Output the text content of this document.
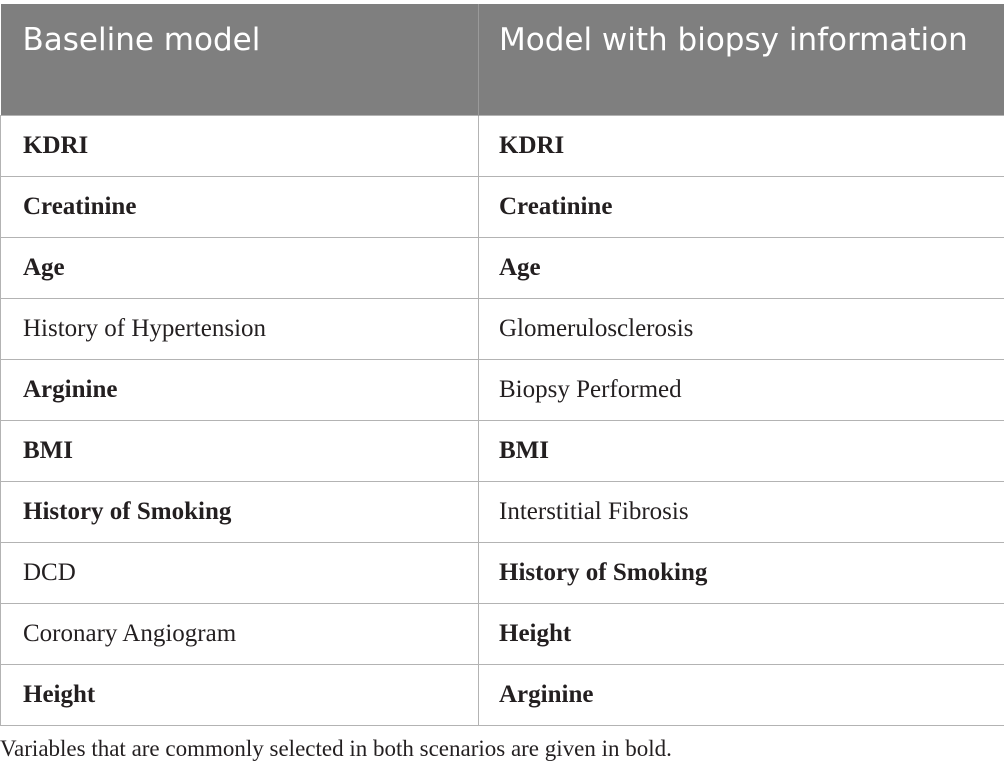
Baseline model	Model with biopsy information
KDRI	KDRI
Creatinine	Creatinine
Age	Age
History of Hypertension	Glomerulosclerosis
Arginine	Biopsy Performed
BMI	BMI
History of Smoking	Interstitial Fibrosis
DCD	History of Smoking
Coronary Angiogram	Height
Height	Arginine
Variables that are commonly selected in both scenarios are given in bold.
